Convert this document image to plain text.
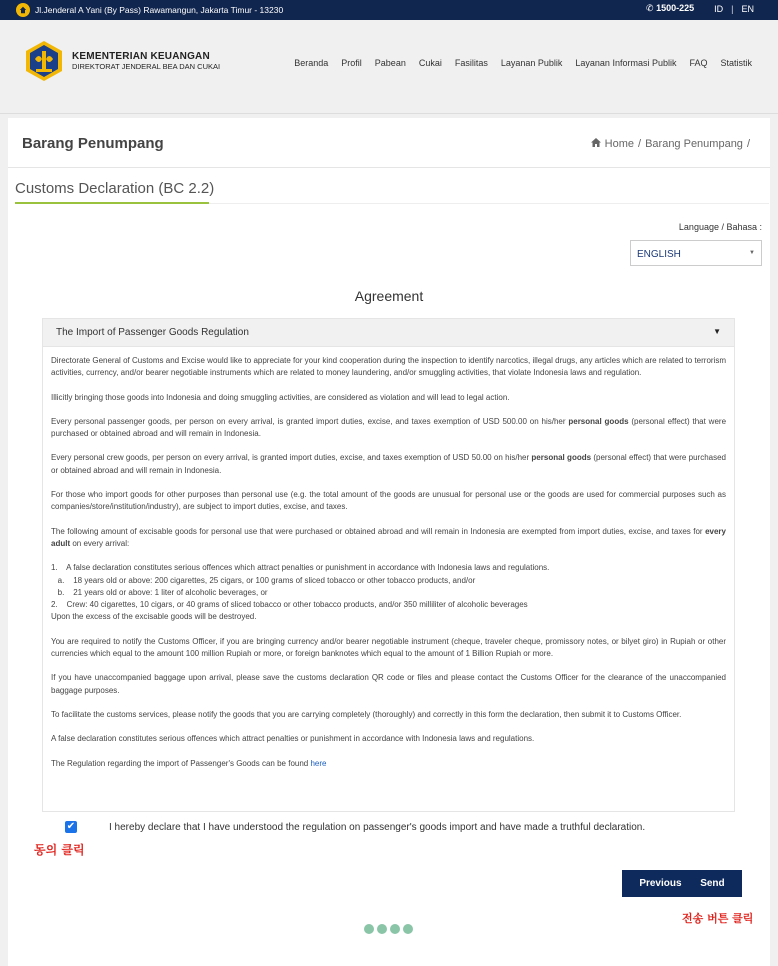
Jl.Jenderal A Yani (By Pass) Rawamangun, Jakarta Timur - 13230	✆ 1500-225 ID | EN
KEMENTERIAN KEUANGAN
DIREKTORAT JENDERAL BEA DAN CUKAI	Beranda Profil Pabean Cukai Fasilitas Layanan Publik Layanan Informasi Publik FAQ Statistik
Barang Penumpang	Home / Barang Penumpang /
Customs Declaration (BC 2.2)
Language / Bahasa :
ENGLISH	▼
Agreement
The Import of Passenger Goods Regulation	▼

Directorate General of Customs and Excise would like to appreciate for your kind cooperation during the inspection to identify narcotics, illegal drugs, any articles which are related to terrorism activities, currency, and/or bearer negotiable instruments which are related to money laundering, and/or smuggling activities, that violate Indonesia laws and regulation.

Illicitly bringing those goods into Indonesia and doing smuggling activities, are considered as violation and will lead to legal action.

Every personal passenger goods, per person on every arrival, is granted import duties, excise, and taxes exemption of USD 500.00 on his/her personal goods (personal effect) that were purchased or obtained abroad and will remain in Indonesia.

Every personal crew goods, per person on every arrival, is granted import duties, excise, and taxes exemption of USD 50.00 on his/her personal goods (personal effect) that were purchased or obtained abroad and will remain in Indonesia.

For those who import goods for other purposes than personal use (e.g. the total amount of the goods are unusual for personal use or the goods are used for commercial purposes such as companies/store/institution/industry), are subject to import duties, excise, and taxes.

The following amount of excisable goods for personal use that were purchased or obtained abroad and will remain in Indonesia are exempted from import duties, excise, and taxes for every adult on every arrival:

1.    A false declaration constitutes serious offences which attract penalties or punishment in accordance with Indonesia laws and regulations.
a.    18 years old or above: 200 cigarettes, 25 cigars, or 100 grams of sliced tobacco or other tobacco products, and/or
b.    21 years old or above: 1 liter of alcoholic beverages, or
2.    Crew: 40 cigarettes, 10 cigars, or 40 grams of sliced tobacco or other tobacco products, and/or 350 milliliter of alcoholic beverages
Upon the excess of the excisable goods will be destroyed.

You are required to notify the Customs Officer, if you are bringing currency and/or bearer negotiable instrument (cheque, traveler cheque, promissory notes, or bilyet giro) in Rupiah or other currencies which equal to the amount 100 million Rupiah or more, or foreign banknotes which equal to the amount of 1 Billion Rupiah or more.

If you have unaccompanied baggage upon arrival, please save the customs declaration QR code or files and please contact the Customs Officer for the clearance of the unaccompanied baggage purposes.

To facilitate the customs services, please notify the goods that you are carrying completely (thoroughly) and correctly in this form the declaration, then submit it to Customs Officer.

A false declaration constitutes serious offences which attract penalties or punishment in accordance with Indonesia laws and regulations.

The Regulation regarding the import of Passenger's Goods can be found here

✔	I hereby declare that I have understood the regulation on passenger's goods import and have made a truthful declaration.
동의 클릭
Previous Send
전송 버튼 클릭
